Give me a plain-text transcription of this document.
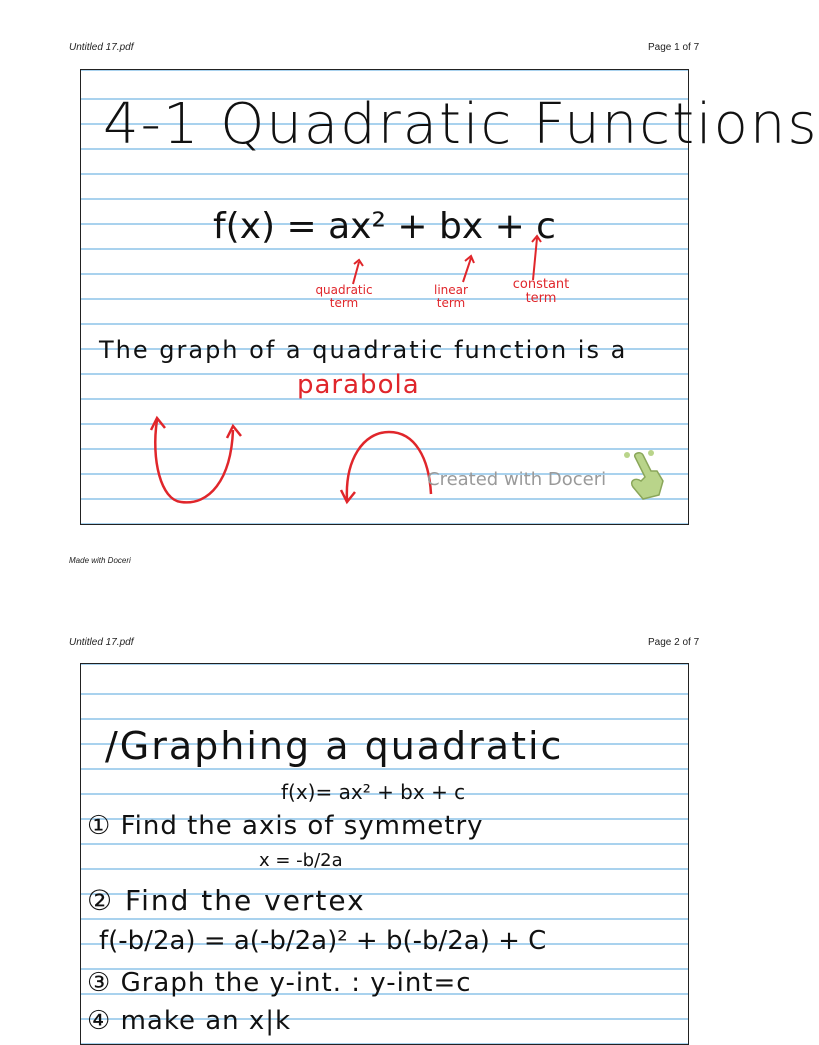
Untitled 17.pdf	Page 1 of 7
4-1 Quadratic Functions
f(x) = ax² + bx + c
quadratic
term
linear
term
constant
term
The graph of a quadratic function is a
parabola
Created with Doceri
Made with Doceri
Untitled 17.pdf	Page 2 of 7
/Graphing a quadratic
f(x)= ax² + bx + c
① Find the axis of symmetry
x = -b/2a
② Find the vertex
f(-b/2a) = a(-b/2a)² + b(-b/2a) + C
③ Graph the y-int. : y-int=c
④ make an x|k
